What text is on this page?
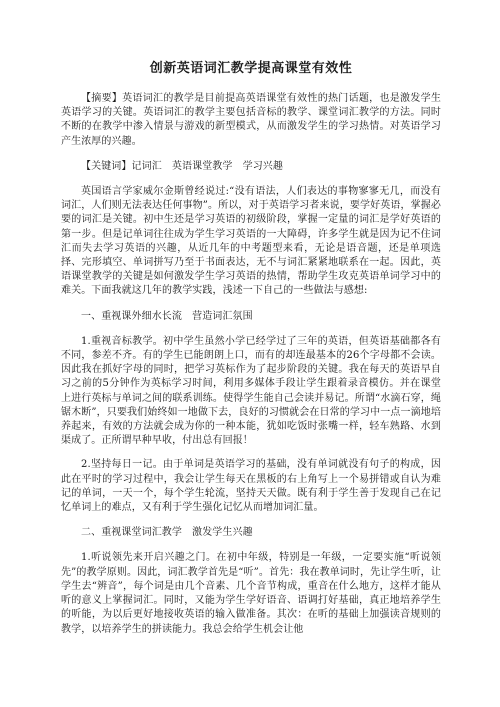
创新英语词汇教学提高课堂有效性

【摘要】英语词汇的教学是目前提高英语课堂有效性的热门话题，也是激发学生英语学习的关键。英语词汇的教学主要包括音标的教学、课堂词汇教学的方法。同时不断的在教学中渗入情景与游戏的新型模式，从而激发学生的学习热情。对英语学习产生浓厚的兴趣。

【关键词】记词汇　英语课堂教学　学习兴趣

英国语言学家威尔金斯曾经说过:“没有语法，人们表达的事物寥寥无几，而没有词汇，人们则无法表达任何事物”。所以，对于英语学习者来说，要学好英语，掌握必要的词汇是关键。初中生还是学习英语的初级阶段，掌握一定量的词汇是学好英语的第一步。但是记单词往往成为学生学习英语的一大障碍，许多学生就是因为记不住词汇而失去学习英语的兴趣，从近几年的中考题型来看，无论是语音题，还是单项选择、完形填空、单词拼写乃至于书面表达，无不与词汇紧紧地联系在一起。因此，英语课堂教学的关键是如何激发学生学习英语的热情，帮助学生攻克英语单词学习中的难关。下面我就这几年的教学实践，浅述一下自己的一些做法与感想:

一、重视课外细水长流　营造词汇氛围

1.重视音标教学。初中学生虽然小学已经学过了三年的英语，但英语基础都各有不同，参差不齐。有的学生已能朗朗上口，而有的却连最基本的26个字母都不会读。因此我在抓好字母的同时，把学习英标作为了起步阶段的关键。我在每天的英语早自习之前的5分钟作为英标学习时间，利用多媒体手段让学生跟着录音模仿。并在课堂上进行英标与单词之间的联系训练。使得学生能自己会读并易记。所谓“水滴石穿，绳锯木断”，只要我们始终如一地做下去，良好的习惯就会在日常的学习中一点一滴地培养起来，有效的方法就会成为你的一种本能，犹如吃饭时张嘴一样，轻车熟路、水到渠成了。正所谓早种早收，付出总有回报！

2.坚持每日一记。由于单词是英语学习的基础，没有单词就没有句子的构成，因此在平时的学习过程中，我会让学生每天在黑板的右上角写上一个易拼错或自认为难记的单词，一天一个，每个学生轮流，坚持天天做。既有利于学生善于发现自己在记忆单词上的难点，又有利于学生强化记忆从而增加词汇量。

二、重视课堂词汇教学　激发学生兴趣

1.听说领先来开启兴趣之门。在初中年级，特别是一年级，一定要实施“听说领先”的教学原则。因此，词汇教学首先是“听”。首先：我在教单词时，先让学生听，让学生去“辨音”，每个词是由几个音素、几个音节构成，重音在什么地方，这样才能从听的意义上掌握词汇。同时，又能为学生学好语音、语调打好基础，真正地培养学生的听能，为以后更好地接收英语的输入做准备。其次：在听的基础上加强读音规则的教学，以培养学生的拼读能力。我总会给学生机会让他
